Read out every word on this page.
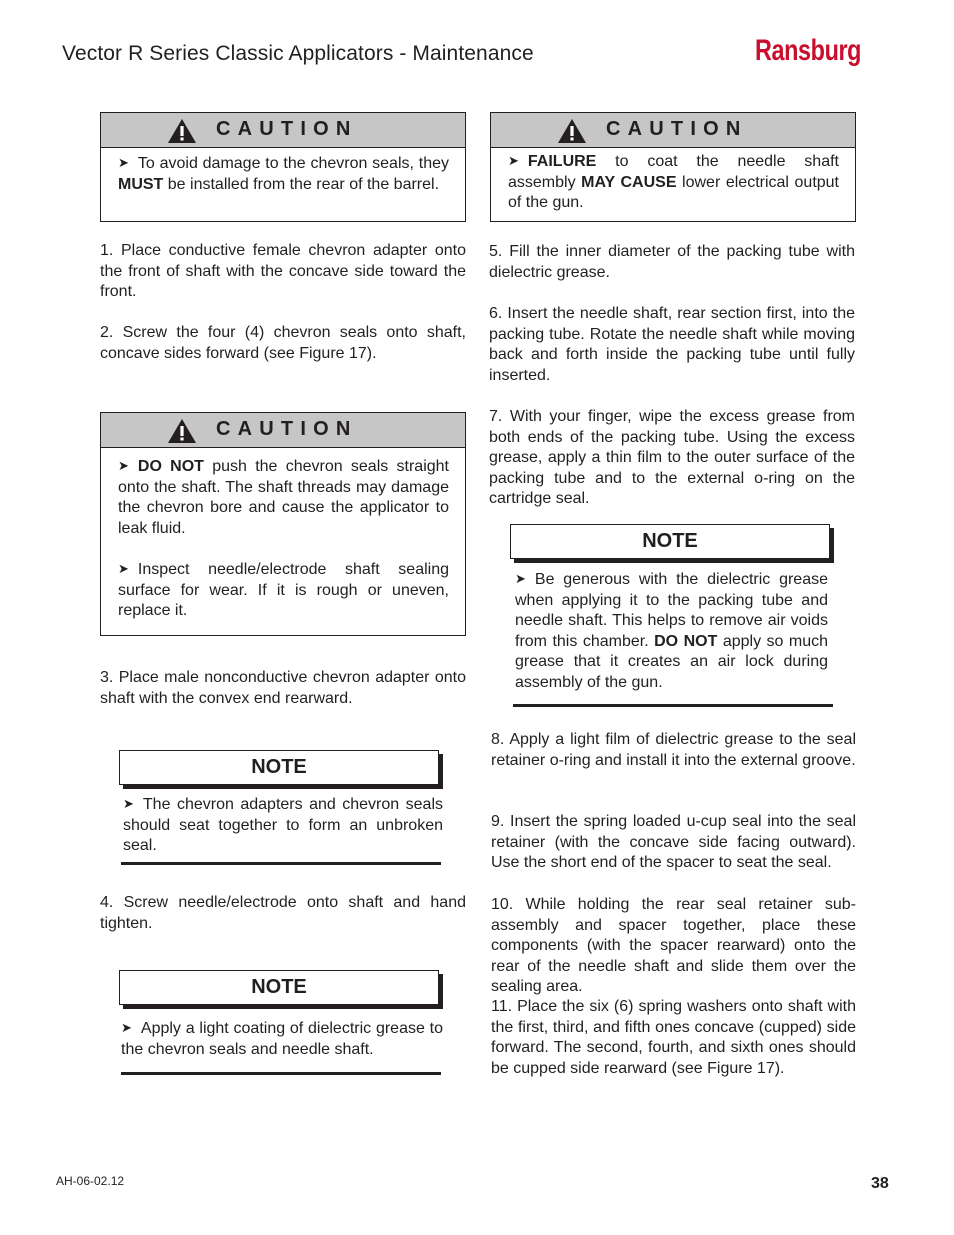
Vector R Series Classic Applicators - Maintenance	Ransburg
CAUTION
➤ To avoid damage to the chevron seals, they MUST be installed from the rear of the barrel.
1. Place conductive female chevron adapter onto the front of shaft with the concave side toward the front.
2. Screw the four (4) chevron seals onto shaft, concave sides forward (see Figure 17).
CAUTION
➤ DO NOT push the chevron seals straight onto the shaft. The shaft threads may damage the chevron bore and cause the applicator to leak fluid.
➤ Inspect needle/electrode shaft sealing surface for wear. If it is rough or uneven, replace it.
3. Place male nonconductive chevron adapter onto shaft with the convex end rearward.
NOTE
➤ The chevron adapters and chevron seals should seat together to form an unbroken seal.
4. Screw needle/electrode onto shaft and hand tighten.
NOTE
➤ Apply a light coating of dielectric grease to the chevron seals and needle shaft.
CAUTION
➤ FAILURE to coat the needle shaft assembly MAY CAUSE lower electrical output of the gun.
5. Fill the inner diameter of the packing tube with dielectric grease.
6. Insert the needle shaft, rear section first, into the packing tube. Rotate the needle shaft while moving back and forth inside the packing tube until fully inserted.
7. With your finger, wipe the excess grease from both ends of the packing tube. Using the excess grease, apply a thin film to the outer surface of the packing tube and to the external o-ring on the cartridge seal.
NOTE
➤ Be generous with the dielectric grease when applying it to the packing tube and needle shaft. This helps to remove air voids from this chamber. DO NOT apply so much grease that it creates an air lock during assembly of the gun.
8. Apply a light film of dielectric grease to the seal retainer o-ring and install it into the external groove.
9. Insert the spring loaded u-cup seal into the seal retainer (with the concave side facing outward). Use the short end of the spacer to seat the seal.
10. While holding the rear seal retainer sub-assembly and spacer together, place these components (with the spacer rearward) onto the rear of the needle shaft and slide them over the sealing area.
11. Place the six (6) spring washers onto shaft with the first, third, and fifth ones concave (cupped) side forward. The second, fourth, and sixth ones should be cupped side rearward (see Figure 17).
AH-06-02.12	38
